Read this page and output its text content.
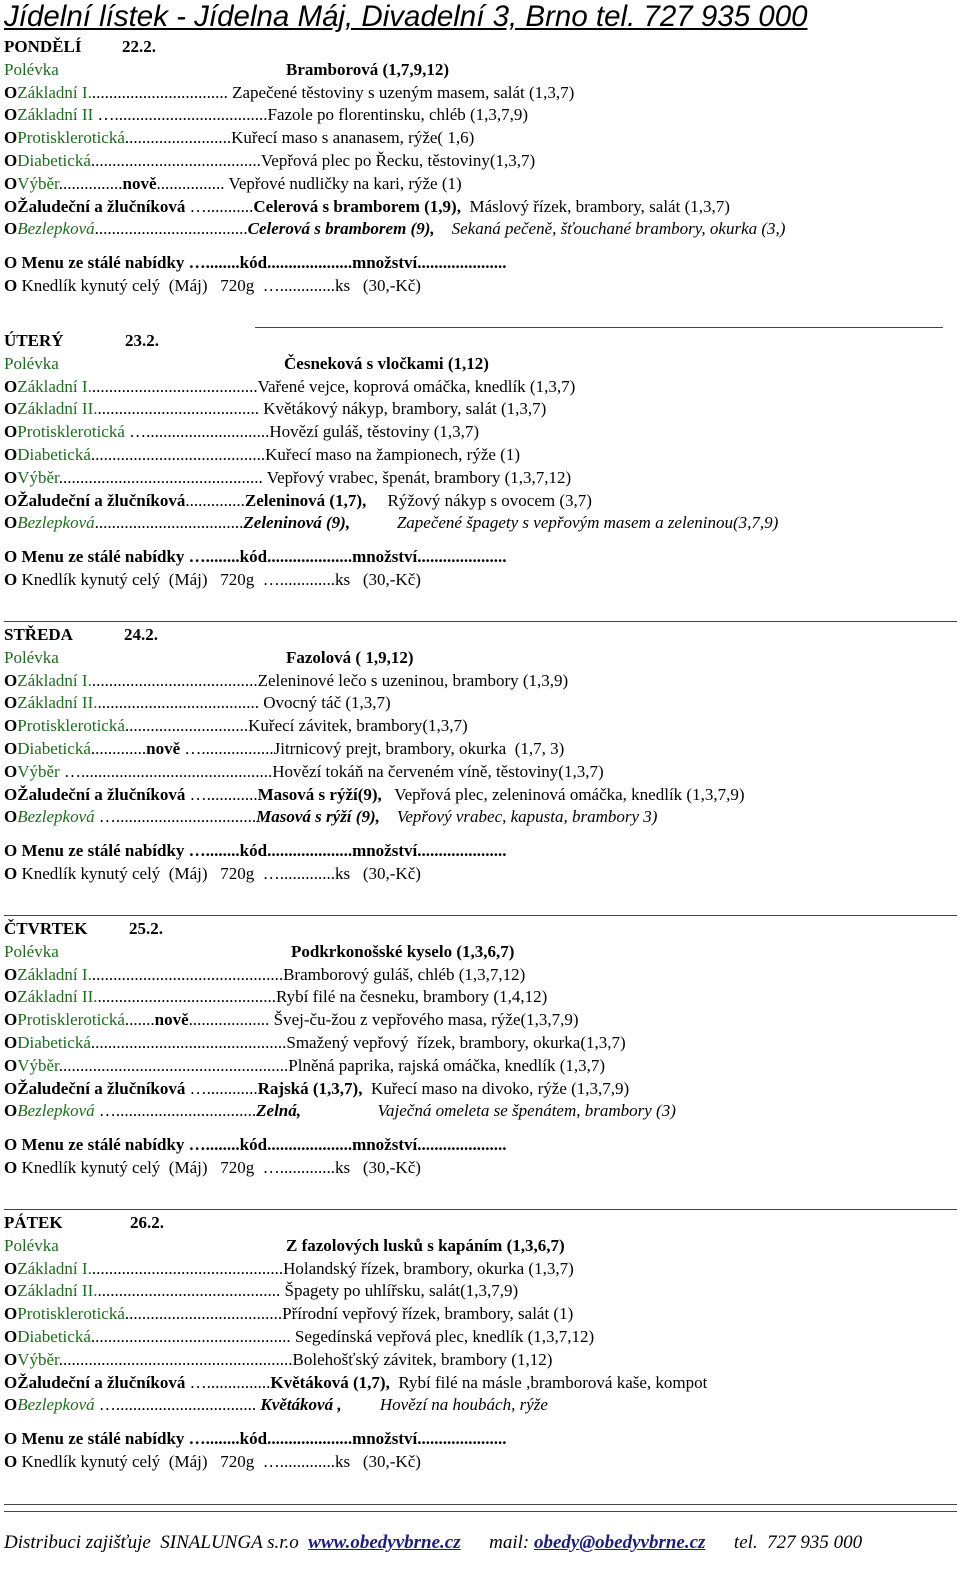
Jídelní lístek - Jídelna Máj, Divadelní 3, Brno tel. 727 935 000
PONDĚLÍ 22.2.
Polévka	Bramborová (1,7,9,12)
OZákladní I................................. Zapečené těstoviny s uzeným masem, salát (1,3,7)
OZákladní II …....................................Fazole po florentinsku, chléb (1,3,7,9)
OProtisklerotická.........................Kuřecí maso s ananasem, rýže( 1,6)
ODiabetická........................................Vepřová plec po Řecku, těstoviny(1,3,7)
OVýběr...............nově................ Vepřové nudličky na kari, rýže (1)
OŽaludeční a žlučníková …...........Celerová s bramborem (1,9),  Máslový řízek, brambory, salát (1,3,7)
OBezlepková....................................Celerová s bramborem (9),    Sekaná pečeně, šťouchané brambory, okurka (3,)
O Menu ze stálé nabídky …........kód....................množství.....................
O Knedlík kynutý celý  (Máj)   720g  ….............ks   (30,-Kč)
ÚTERÝ	23.2.
Polévka	Česneková s vločkami (1,12)
OZákladní I........................................Vařené vejce, koprová omáčka, knedlík (1,3,7)
OZákladní II....................................... Květákový nákyp, brambory, salát (1,3,7)
OProtisklerotická ….............................Hovězí guláš, těstoviny (1,3,7)
ODiabetická.........................................Kuřecí maso na žampionech, rýže (1)
OVýběr................................................ Vepřový vrabec, špenát, brambory (1,3,7,12)
OŽaludeční a žlučníková..............Zeleninová (1,7),     Rýžový nákyp s ovocem (3,7)
OBezlepková...................................Zeleninová (9),           Zapečené špagety s vepřovým masem a zeleninou(3,7,9)
O Menu ze stálé nabídky …........kód....................množství.....................
O Knedlík kynutý celý  (Máj)   720g  ….............ks   (30,-Kč)
STŘEDA	24.2.
Polévka	Fazolová ( 1,9,12)
OZákladní I........................................Zeleninové lečo s uzeninou, brambory (1,3,9)
OZákladní II....................................... Ovocný táč (1,3,7)
OProtisklerotická.............................Kuřecí závitek, brambory(1,3,7)
ODiabetická.............nově ….................Jitrnicový prejt, brambory, okurka  (1,7, 3)
OVýběr ….............................................Hovězí tokáň na červeném víně, těstoviny(1,3,7)
OŽaludeční a žlučníková …............Masová s rýží(9),   Vepřová plec, zeleninová omáčka, knedlík (1,3,7,9)
OBezlepková ….................................Masová s rýží (9),    Vepřový vrabec, kapusta, brambory 3)
O Menu ze stálé nabídky …........kód....................množství.....................
O Knedlík kynutý celý  (Máj)   720g  ….............ks   (30,-Kč)
ČTVRTEK 25.2.
Polévka	Podkrkonošské kyselo (1,3,6,7)
OZákladní I..............................................Bramborový guláš, chléb (1,3,7,12)
OZákladní II...........................................Rybí filé na česneku, brambory (1,4,12)
OProtisklerotická.......nově................... Švej-ču-žou z vepřového masa, rýže(1,3,7,9)
ODiabetická..............................................Smažený vepřový  řízek, brambory, okurka(1,3,7)
OVýběr......................................................Plněná paprika, rajská omáčka, knedlík (1,3,7)
OŽaludeční a žlučníková …............Rajská (1,3,7),  Kuřecí maso na divoko, rýže (1,3,7,9)
OBezlepková ….................................Zelná,                  Vaječná omeleta se špenátem, brambory (3)
O Menu ze stálé nabídky …........kód....................množství.....................
O Knedlík kynutý celý  (Máj)   720g  ….............ks   (30,-Kč)
PÁTEK	26.2.
Polévka	Z fazolových lusků s kapáním (1,3,6,7)
OZákladní I..............................................Holandský řízek, brambory, okurka (1,3,7)
OZákladní II............................................ Špagety po uhlířsku, salát(1,3,7,9)
OProtisklerotická.....................................Přírodní vepřový řízek, brambory, salát (1)
ODiabetická............................................... Segedínská vepřová plec, knedlík (1,3,7,12)
OVýběr.......................................................Bolehošťský závitek, brambory (1,12)
OŽaludeční a žlučníková …...............Květáková (1,7),  Rybí filé na másle ,bramborová kaše, kompot
OBezlepková …................................. Květáková ,         Hovězí na houbách, rýže
O Menu ze stálé nabídky …........kód....................množství.....................
O Knedlík kynutý celý  (Máj)   720g  ….............ks   (30,-Kč)
Distribuci zajišťuje  SINALUNGA s.r.o  www.obedyvbrne.cz      mail: obedy@obedyvbrne.cz      tel.  727 935 000
